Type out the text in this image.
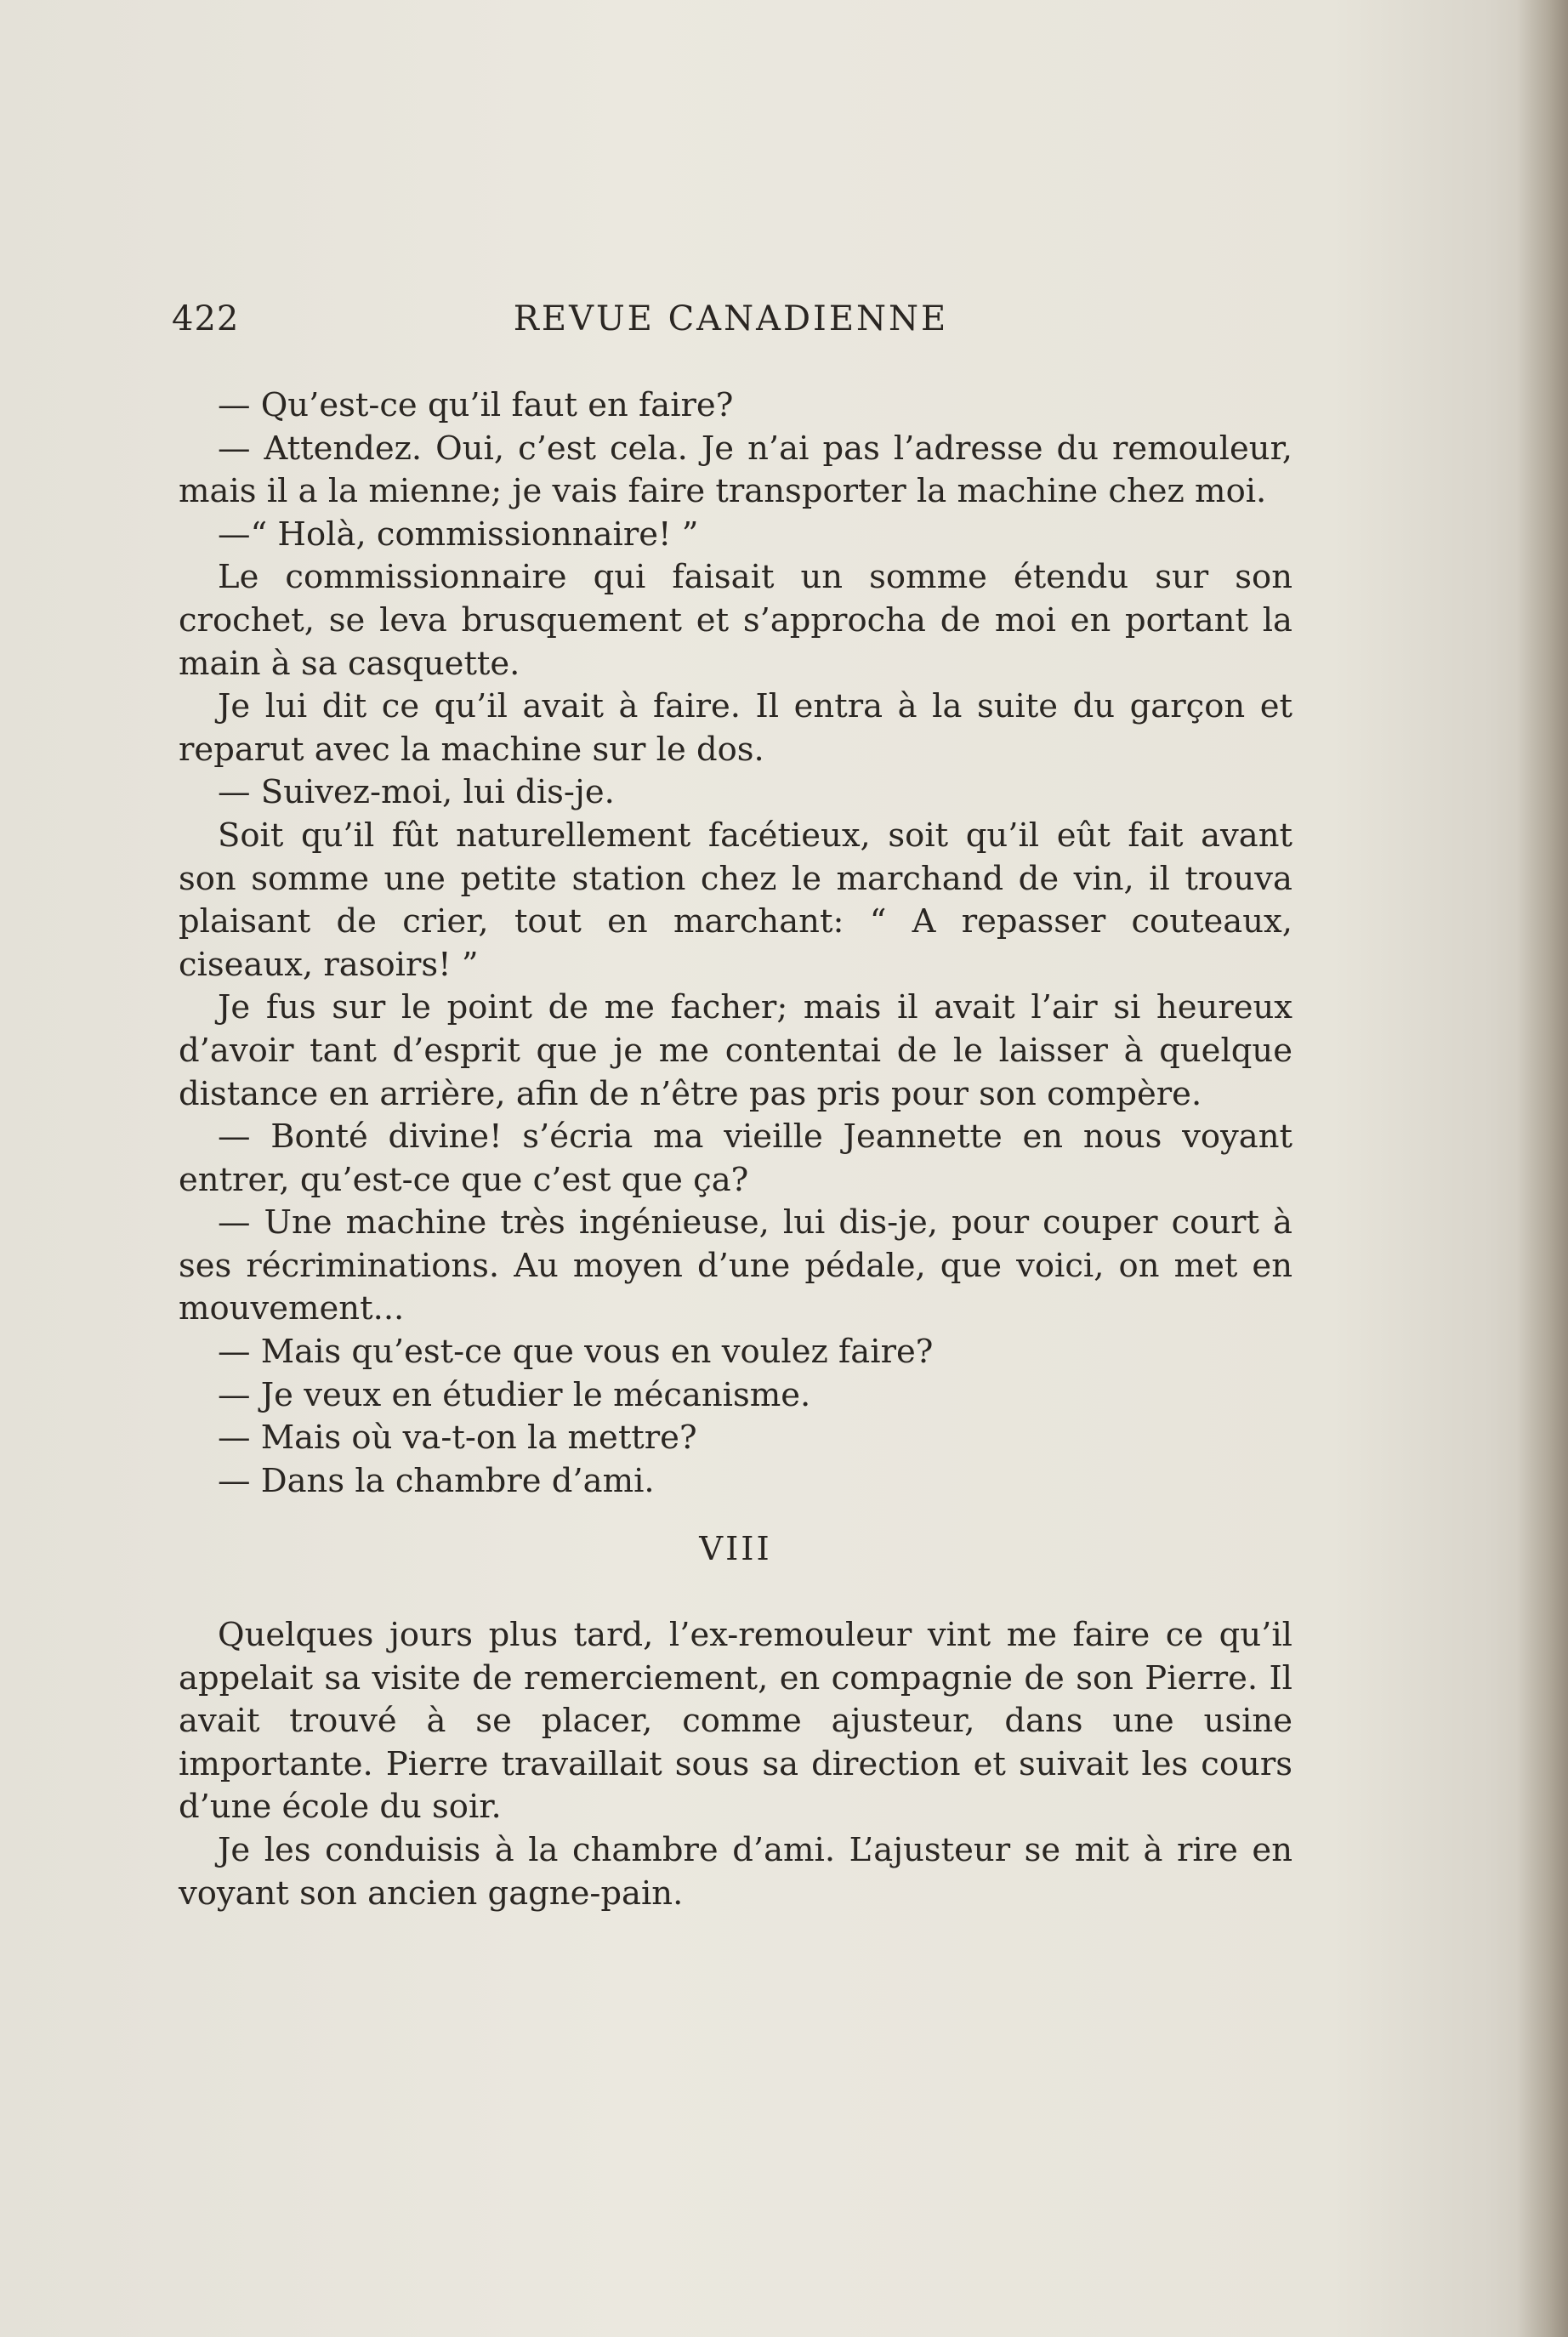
422	REVUE CANADIENNE

— Qu’est-ce qu’il faut en faire?

— Attendez. Oui, c’est cela. Je n’ai pas l’adresse du remouleur, mais il a la mienne; je vais faire transporter la machine chez moi.

—“ Holà, commissionnaire! ”

Le commissionnaire qui faisait un somme étendu sur son crochet, se leva brusquement et s’approcha de moi en portant la main à sa casquette.

Je lui dit ce qu’il avait à faire. Il entra à la suite du garçon et reparut avec la machine sur le dos.

— Suivez-moi, lui dis-je.

Soit qu’il fût naturellement facétieux, soit qu’il eût fait avant son somme une petite station chez le marchand de vin, il trouva plaisant de crier, tout en marchant: “ A repasser couteaux, ciseaux, rasoirs! ”

Je fus sur le point de me facher; mais il avait l’air si heureux d’avoir tant d’esprit que je me contentai de le laisser à quelque distance en arrière, afin de n’être pas pris pour son compère.

— Bonté divine! s’écria ma vieille Jeannette en nous voyant entrer, qu’est-ce que c’est que ça?

— Une machine très ingénieuse, lui dis-je, pour couper court à ses récriminations. Au moyen d’une pédale, que voici, on met en mouvement...

— Mais qu’est-ce que vous en voulez faire?

— Je veux en étudier le mécanisme.

— Mais où va-t-on la mettre?

— Dans la chambre d’ami.

VIII

Quelques jours plus tard, l’ex-remouleur vint me faire ce qu’il appelait sa visite de remerciement, en compagnie de son Pierre. Il avait trouvé à se placer, comme ajusteur, dans une usine importante. Pierre travaillait sous sa direction et suivait les cours d’une école du soir.

Je les conduisis à la chambre d’ami. L’ajusteur se mit à rire en voyant son ancien gagne-pain.
